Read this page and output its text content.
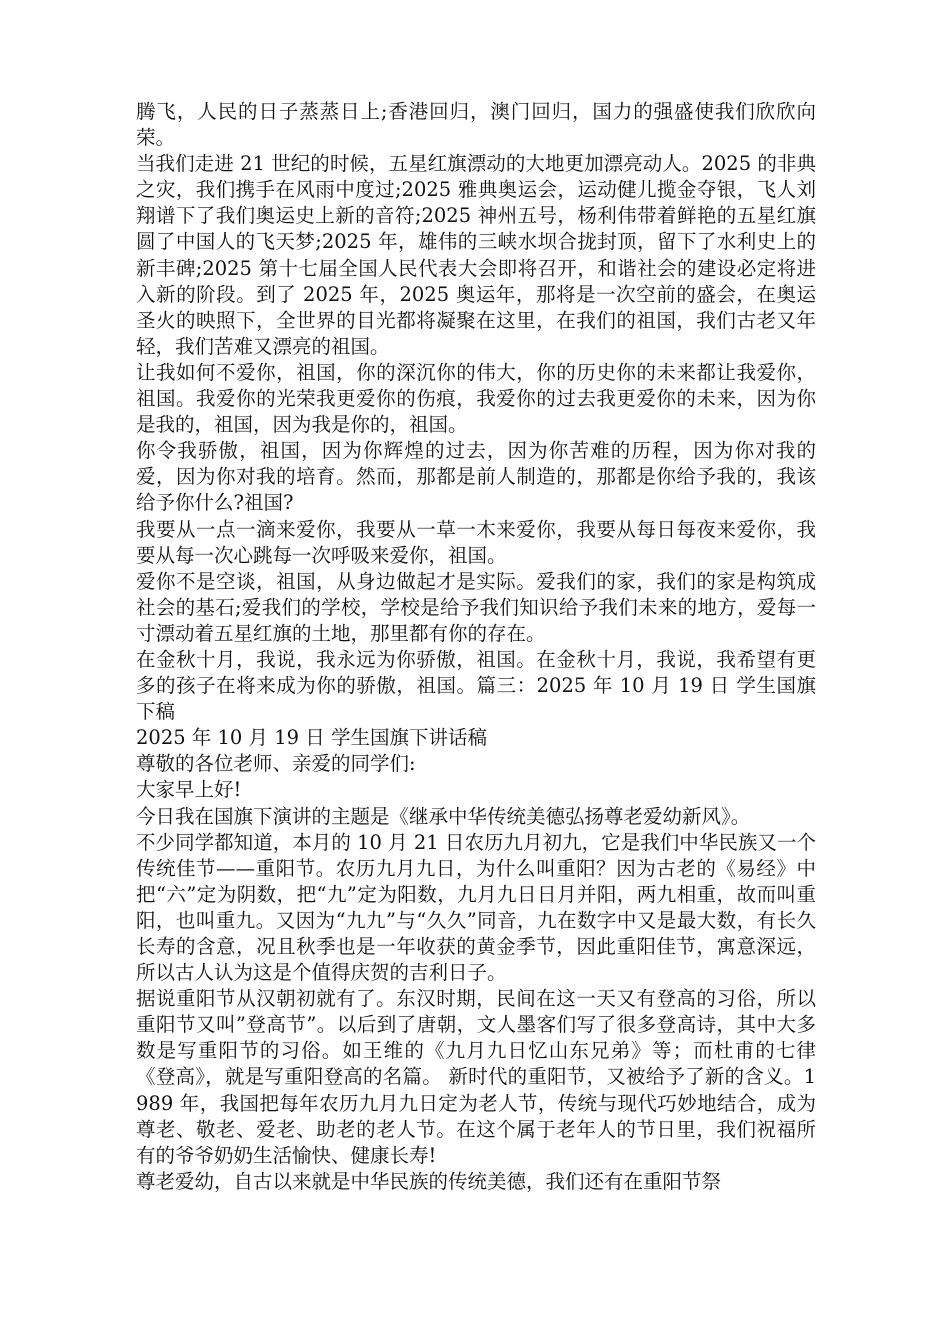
腾飞，人民的日子蒸蒸日上;香港回归，澳门回归，国力的强盛使我们欣欣向荣。

当我们走进 21 世纪的时候，五星红旗漂动的大地更加漂亮动人。2025 的非典之灾，我们携手在风雨中度过;2025 雅典奥运会，运动健儿揽金夺银，飞人刘翔谱下了我们奥运史上新的音符;2025 神州五号，杨利伟带着鲜艳的五星红旗圆了中国人的飞天梦;2025 年，雄伟的三峡水坝合拢封顶，留下了水利史上的新丰碑;2025 第十七届全国人民代表大会即将召开，和谐社会的建设必定将进入新的阶段。到了 2025 年，2025 奥运年，那将是一次空前的盛会，在奥运圣火的映照下，全世界的目光都将凝聚在这里，在我们的祖国，我们古老又年轻，我们苦难又漂亮的祖国。

让我如何不爱你，祖国，你的深沉你的伟大，你的历史你的未来都让我爱你，祖国。我爱你的光荣我更爱你的伤痕，我爱你的过去我更爱你的未来，因为你是我的，祖国，因为我是你的，祖国。

你令我骄傲，祖国，因为你辉煌的过去，因为你苦难的历程，因为你对我的爱，因为你对我的培育。然而，那都是前人制造的，那都是你给予我的，我该给予你什么?祖国?

我要从一点一滴来爱你，我要从一草一木来爱你，我要从每日每夜来爱你，我要从每一次心跳每一次呼吸来爱你，祖国。

爱你不是空谈，祖国，从身边做起才是实际。爱我们的家，我们的家是构筑成社会的基石;爱我们的学校，学校是给予我们知识给予我们未来的地方，爱每一寸漂动着五星红旗的土地，那里都有你的存在。

在金秋十月，我说，我永远为你骄傲，祖国。在金秋十月，我说，我希望有更多的孩子在将来成为你的骄傲，祖国。篇三：2025 年 10 月 19 日 学生国旗下稿

2025 年 10 月 19 日 学生国旗下讲话稿

尊敬的各位老师、亲爱的同学们:

大家早上好!

今日我在国旗下演讲的主题是《继承中华传统美德弘扬尊老爱幼新风》。

不少同学都知道，本月的 10 月 21 日农历九月初九，它是我们中华民族又一个传统佳节——重阳节。农历九月九日，为什么叫重阳？因为古老的《易经》中把“六”定为阴数，把“九”定为阳数，九月九日日月并阳，两九相重，故而叫重阳，也叫重九。又因为“九九”与“久久”同音，九在数字中又是最大数，有长久长寿的含意，况且秋季也是一年收获的黄金季节，因此重阳佳节，寓意深远，所以古人认为这是个值得庆贺的吉利日子。

据说重阳节从汉朝初就有了。东汉时期，民间在这一天又有登高的习俗，所以重阳节又叫”登高节”。以后到了唐朝，文人墨客们写了很多登高诗，其中大多数是写重阳节的习俗。如王维的《九月九日忆山东兄弟》等；而杜甫的七律《登高》，就是写重阳登高的名篇。 新时代的重阳节，又被给予了新的含义。1989 年，我国把每年农历九月九日定为老人节，传统与现代巧妙地结合，成为尊老、敬老、爱老、助老的老人节。在这个属于老年人的节日里，我们祝福所有的爷爷奶奶生活愉快、健康长寿!

尊老爱幼，自古以来就是中华民族的传统美德，我们还有在重阳节祭
